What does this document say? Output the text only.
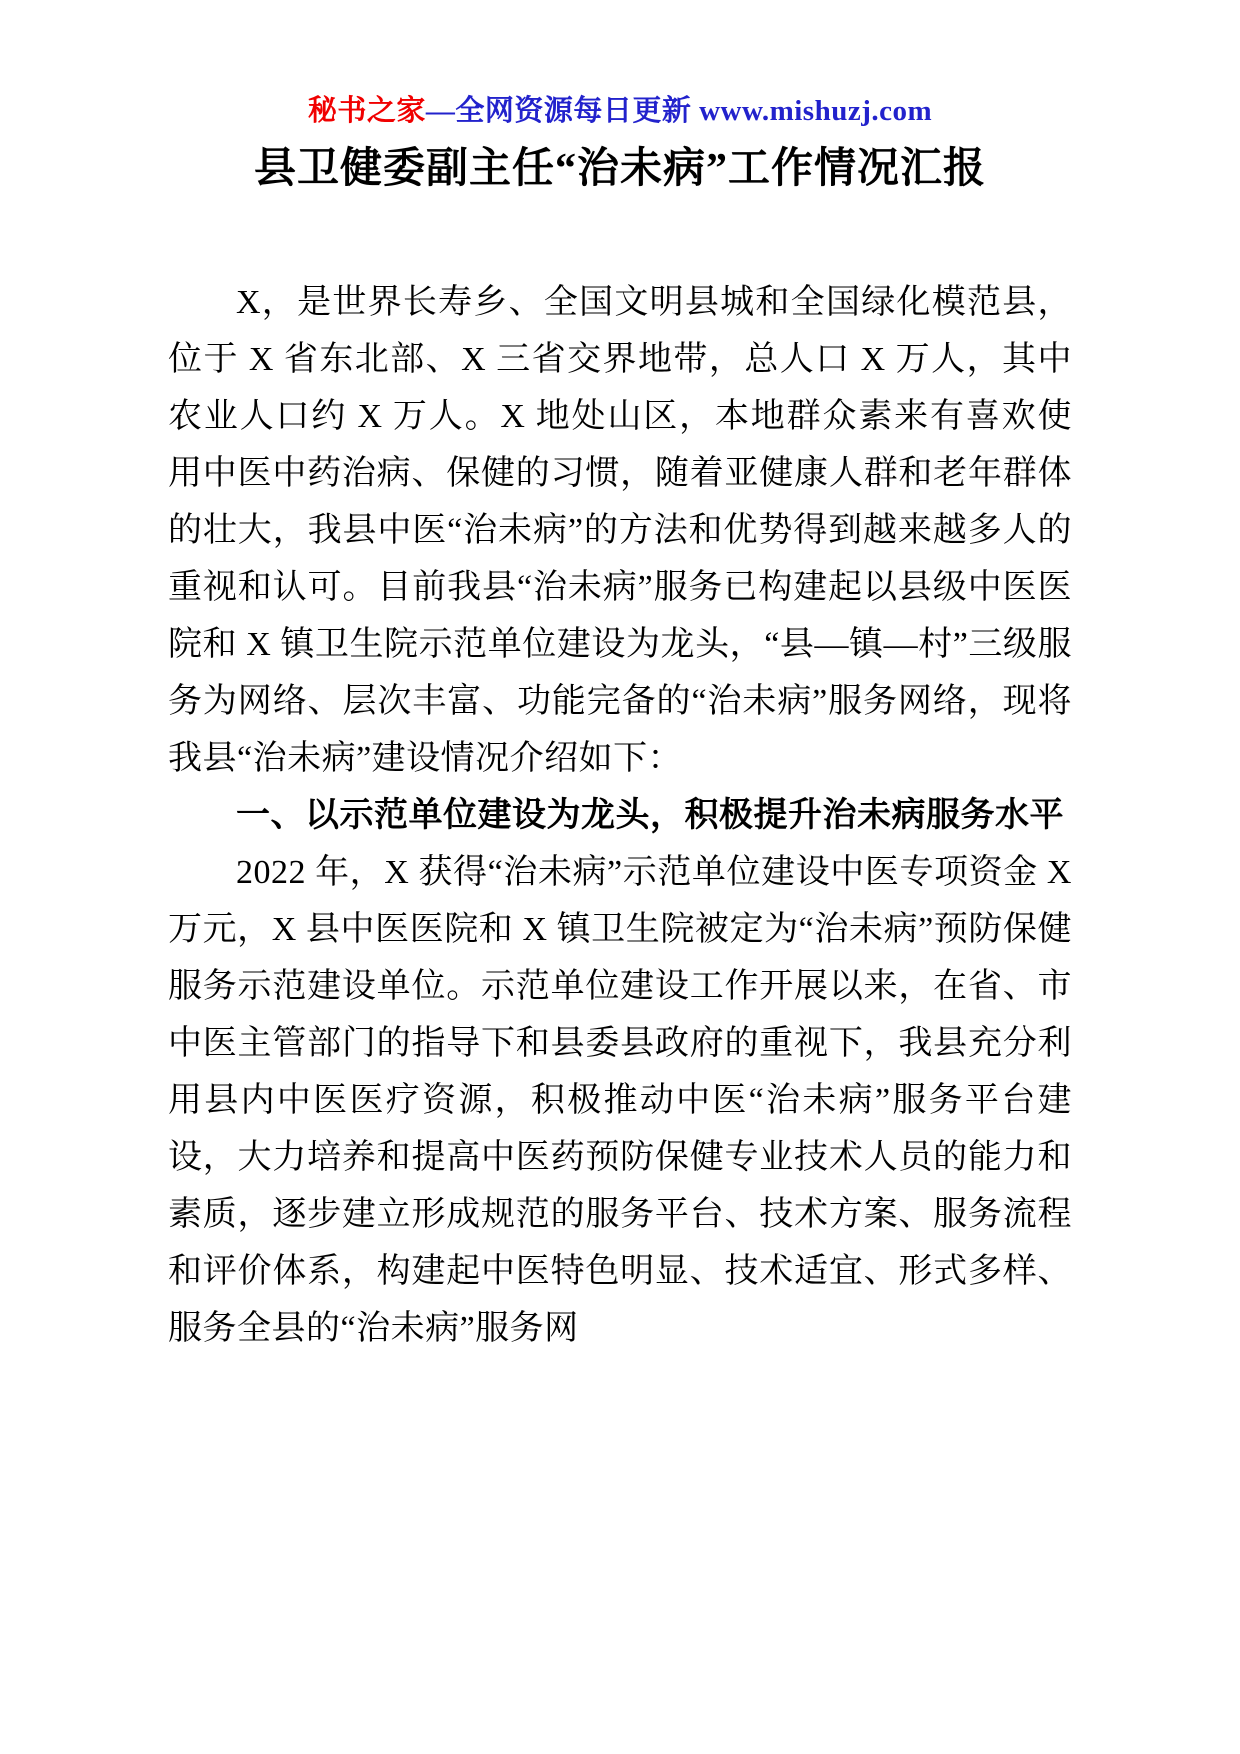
秘书之家—全网资源每日更新 www.mishuzj.com
县卫健委副主任“治未病”工作情况汇报

X，是世界长寿乡、全国文明县城和全国绿化模范县，位于 X 省东北部、X 三省交界地带，总人口 X 万人，其中农业人口约 X 万人。X 地处山区，本地群众素来有喜欢使用中医中药治病、保健的习惯，随着亚健康人群和老年群体的壮大，我县中医“治未病”的方法和优势得到越来越多人的重视和认可。目前我县“治未病”服务已构建起以县级中医医院和 X 镇卫生院示范单位建设为龙头，“县—镇—村”三级服务为网络、层次丰富、功能完备的“治未病”服务网络，现将我县“治未病”建设情况介绍如下：

一、以示范单位建设为龙头，积极提升治未病服务水平

2022 年，X 获得“治未病”示范单位建设中医专项资金 X 万元，X 县中医医院和 X 镇卫生院被定为“治未病”预防保健服务示范建设单位。示范单位建设工作开展以来，在省、市中医主管部门的指导下和县委县政府的重视下，我县充分利用县内中医医疗资源，积极推动中医“治未病”服务平台建设，大力培养和提高中医药预防保健专业技术人员的能力和素质，逐步建立形成规范的服务平台、技术方案、服务流程和评价体系，构建起中医特色明显、技术适宜、形式多样、服务全县的“治未病”服务网
